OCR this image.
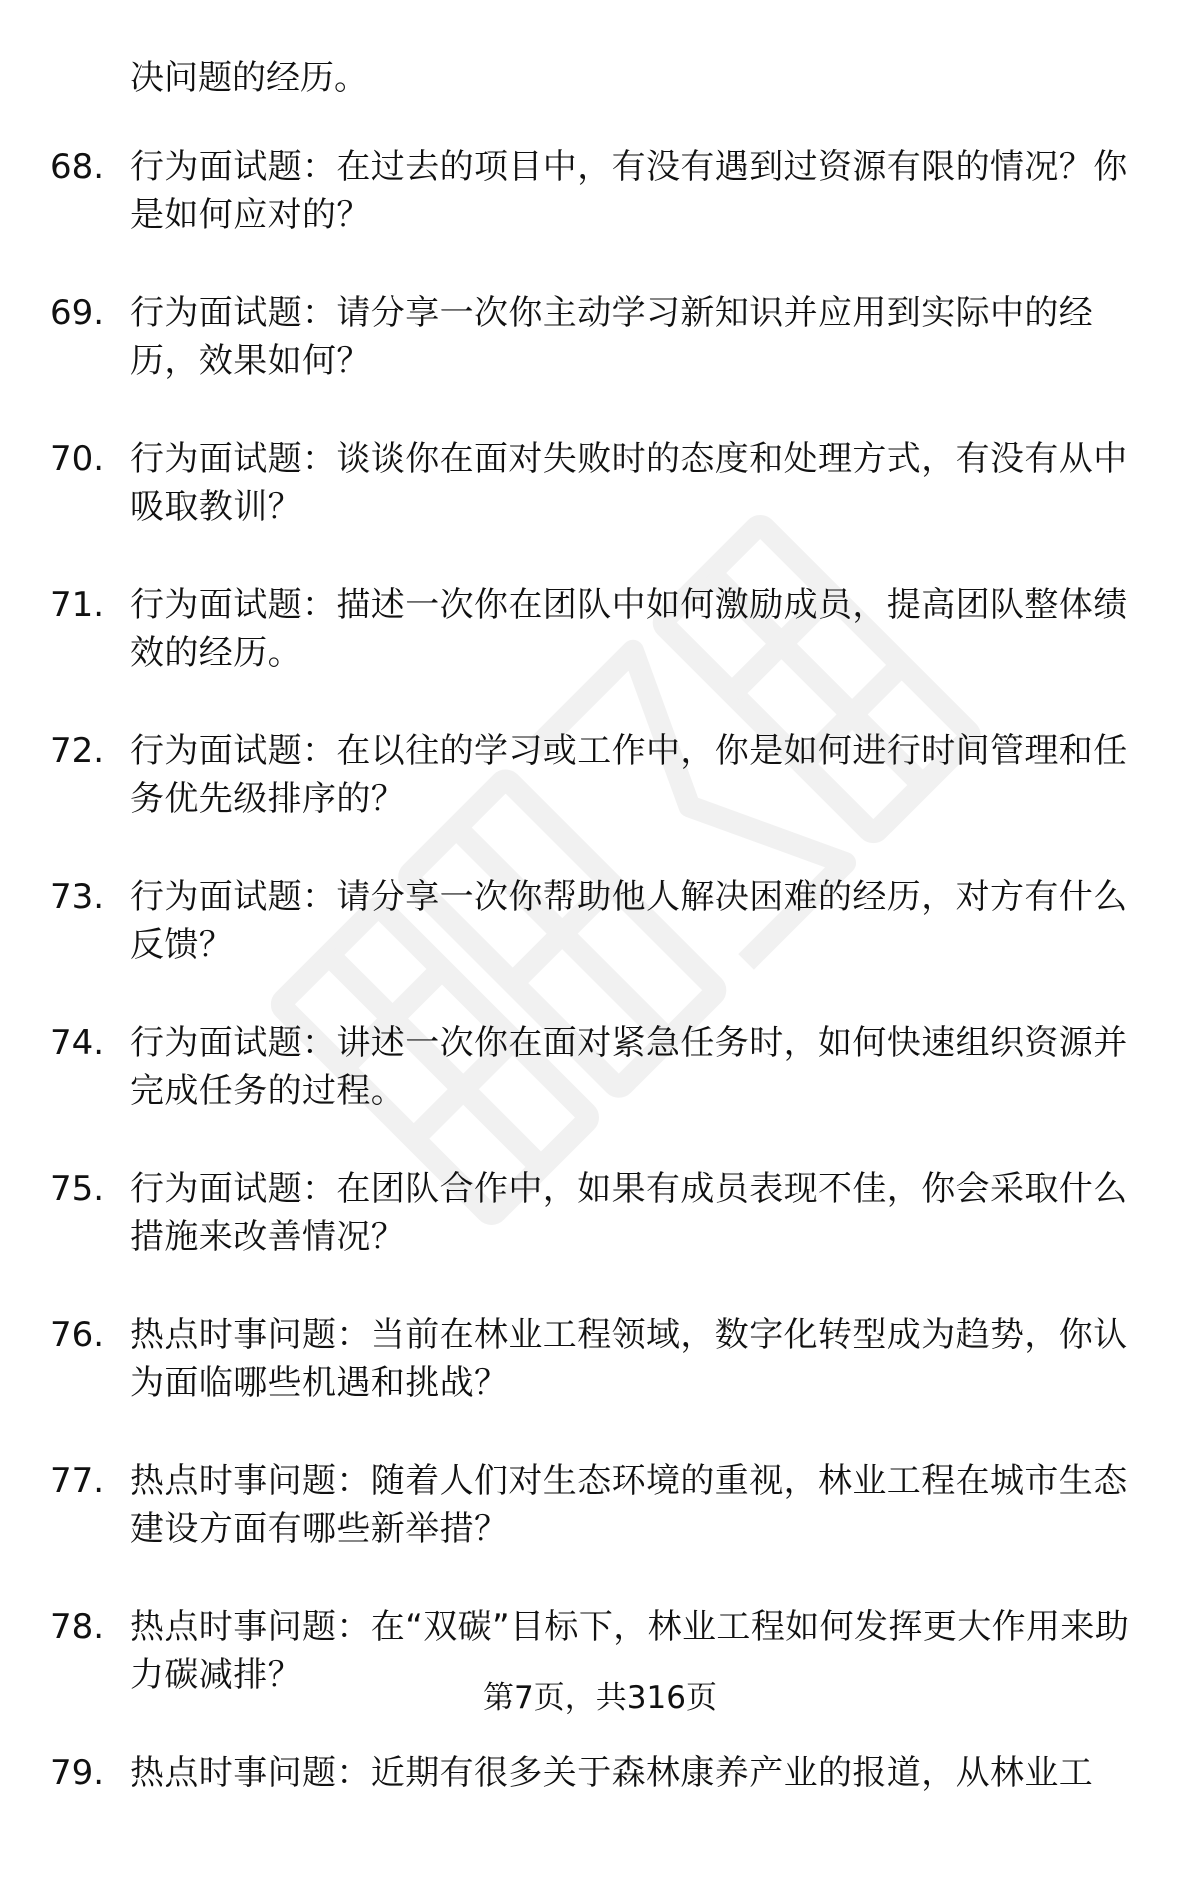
决问题的经历。
68. 行为面试题：在过去的项目中，有没有遇到过资源有限的情况？你是如何应对的？
69. 行为面试题：请分享一次你主动学习新知识并应用到实际中的经历，效果如何？
70. 行为面试题：谈谈你在面对失败时的态度和处理方式，有没有从中吸取教训？
71. 行为面试题：描述一次你在团队中如何激励成员，提高团队整体绩效的经历。
72. 行为面试题：在以往的学习或工作中，你是如何进行时间管理和任务优先级排序的？
73. 行为面试题：请分享一次你帮助他人解决困难的经历，对方有什么反馈？
74. 行为面试题：讲述一次你在面对紧急任务时，如何快速组织资源并完成任务的过程。
75. 行为面试题：在团队合作中，如果有成员表现不佳，你会采取什么措施来改善情况？
76. 热点时事问题：当前在林业工程领域，数字化转型成为趋势，你认为面临哪些机遇和挑战？
77. 热点时事问题：随着人们对生态环境的重视，林业工程在城市生态建设方面有哪些新举措？
78. 热点时事问题：在“双碳”目标下，林业工程如何发挥更大作用来助力碳减排？
79. 热点时事问题：近期有很多关于森林康养产业的报道，从林业工
第7页，共316页
